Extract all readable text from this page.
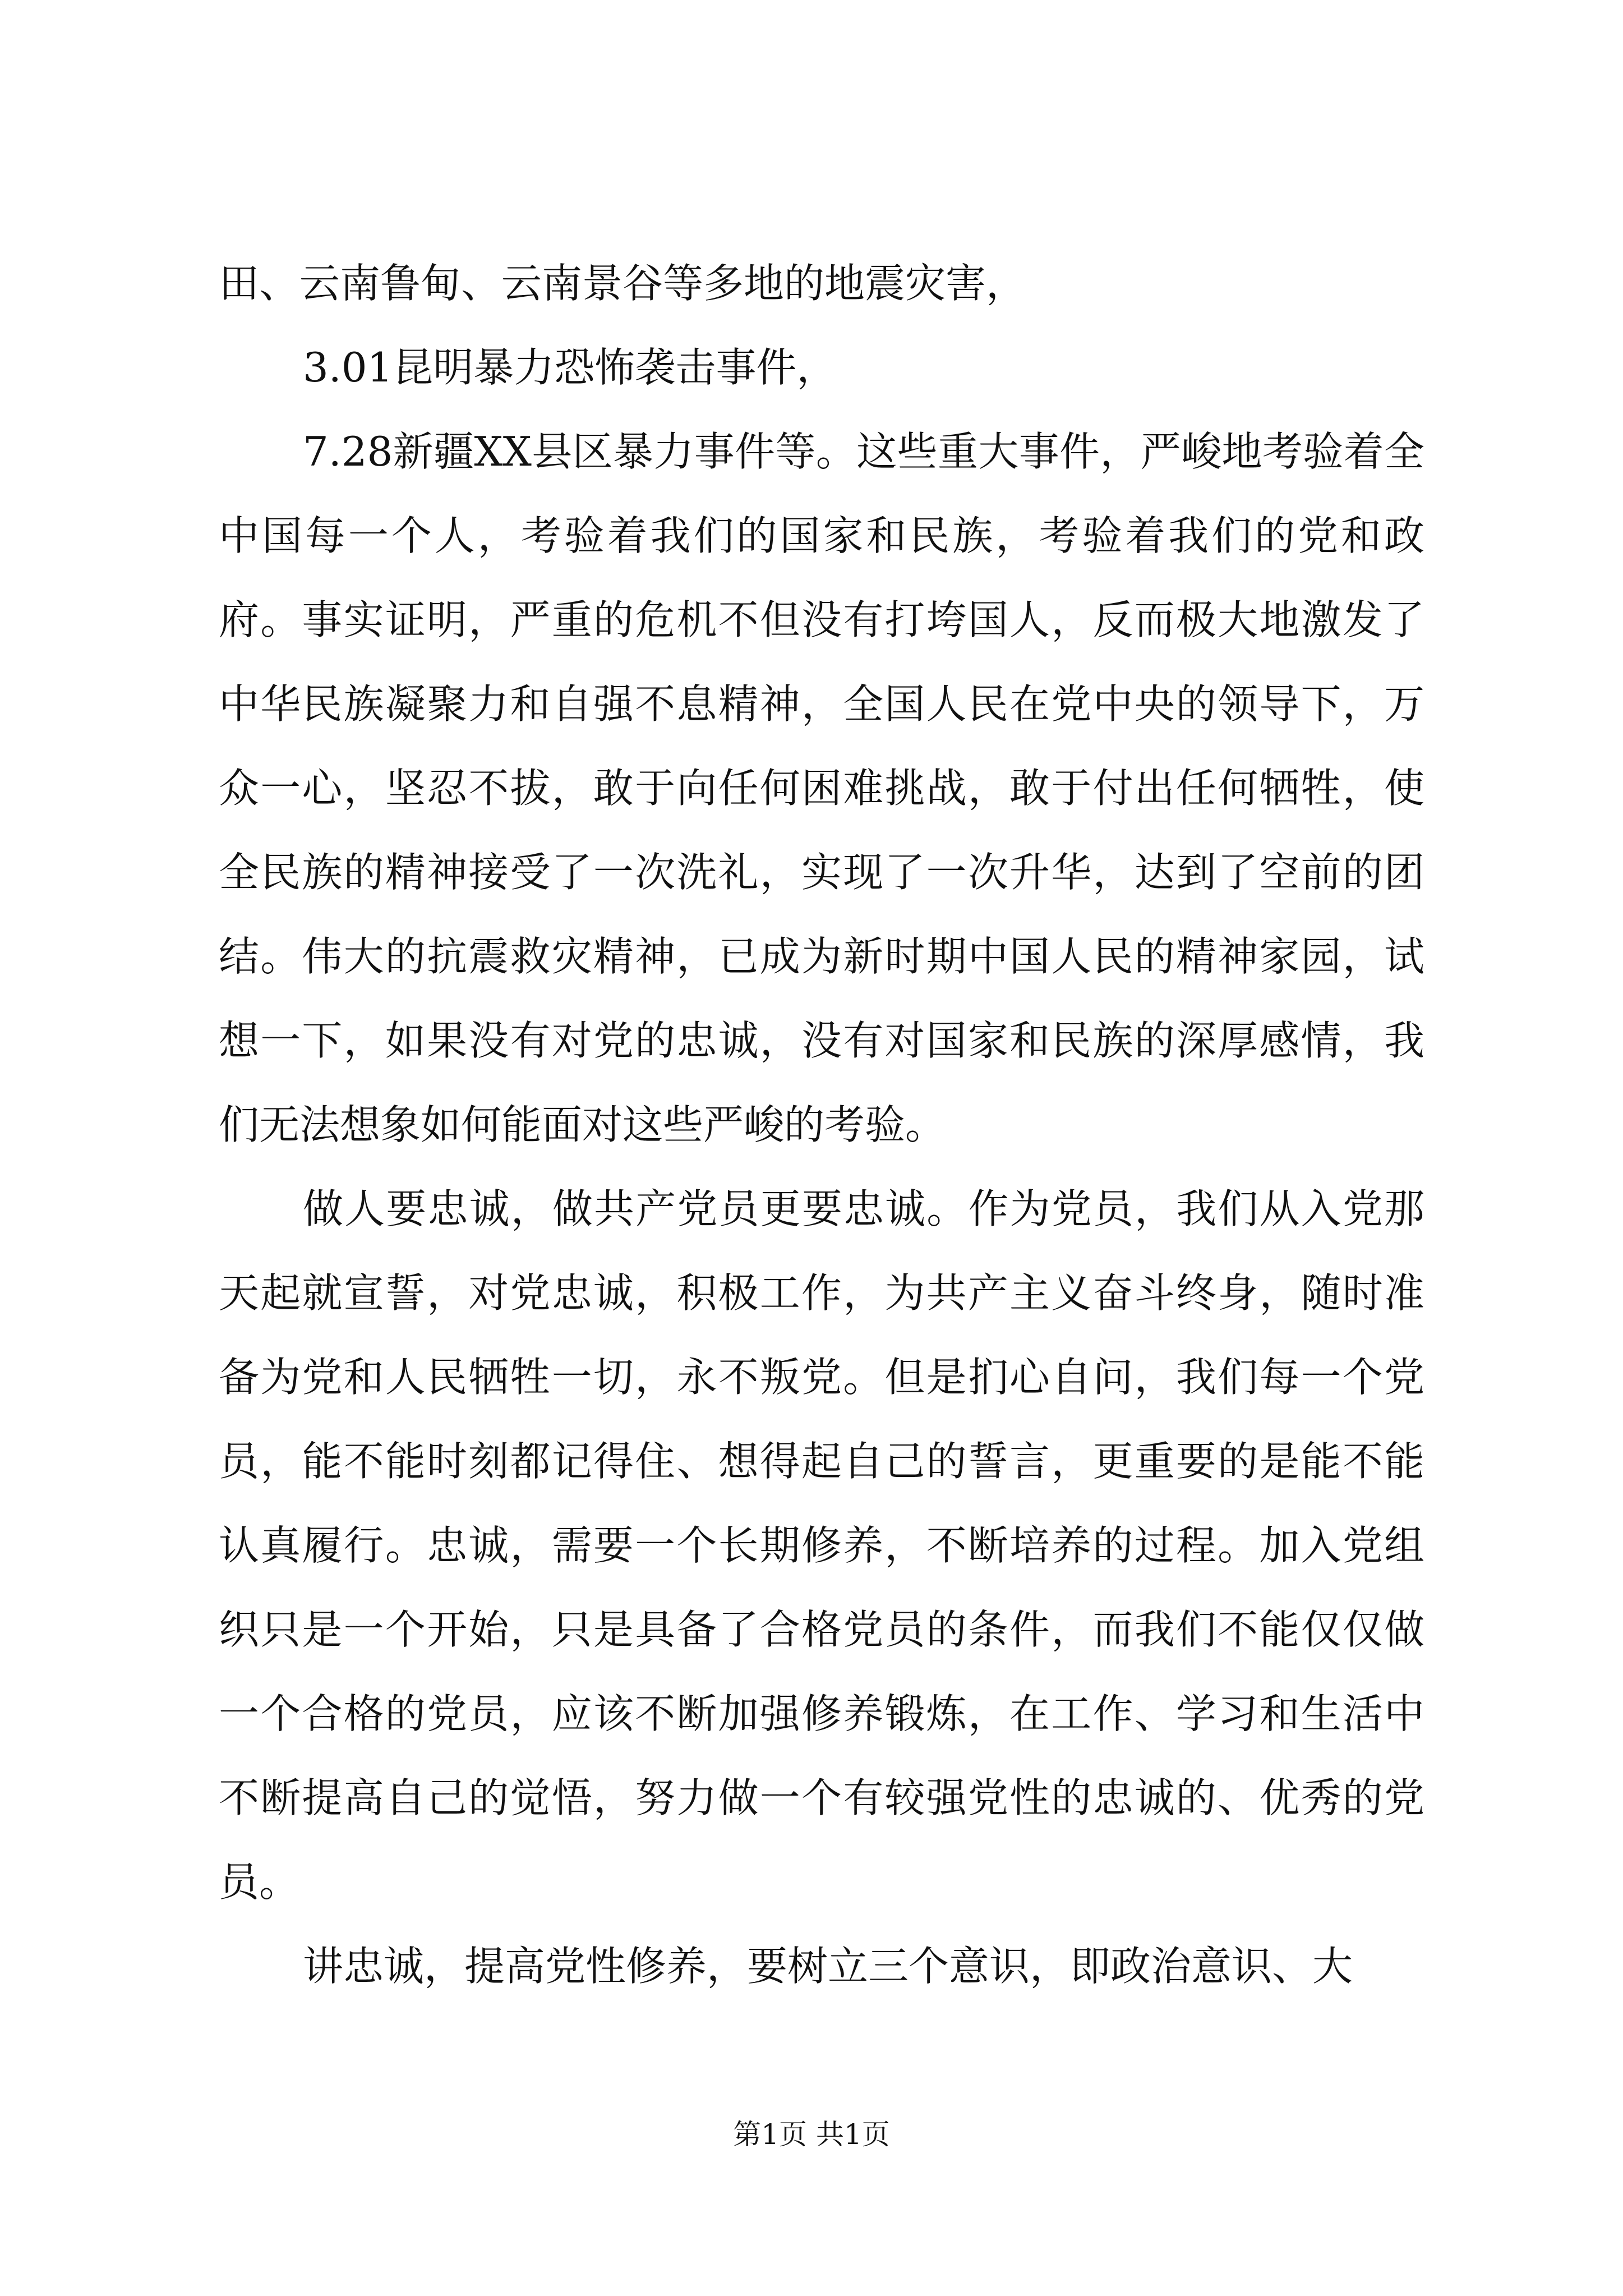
田、云南鲁甸、云南景谷等多地的地震灾害，

3.01昆明暴力恐怖袭击事件，

7.28新疆XX县区暴力事件等。这些重大事件，严峻地考验着全中国每一个人，考验着我们的国家和民族，考验着我们的党和政府。事实证明，严重的危机不但没有打垮国人，反而极大地激发了中华民族凝聚力和自强不息精神，全国人民在党中央的领导下，万众一心，坚忍不拔，敢于向任何困难挑战，敢于付出任何牺牲，使全民族的精神接受了一次洗礼，实现了一次升华，达到了空前的团结。伟大的抗震救灾精神，已成为新时期中国人民的精神家园，试想一下，如果没有对党的忠诚，没有对国家和民族的深厚感情，我们无法想象如何能面对这些严峻的考验。

做人要忠诚，做共产党员更要忠诚。作为党员，我们从入党那天起就宣誓，对党忠诚，积极工作，为共产主义奋斗终身，随时准备为党和人民牺牲一切，永不叛党。但是扪心自问，我们每一个党员，能不能时刻都记得住、想得起自己的誓言，更重要的是能不能认真履行。忠诚，需要一个长期修养，不断培养的过程。加入党组织只是一个开始，只是具备了合格党员的条件，而我们不能仅仅做一个合格的党员，应该不断加强修养锻炼，在工作、学习和生活中不断提高自己的觉悟，努力做一个有较强党性的忠诚的、优秀的党员。

讲忠诚，提高党性修养，要树立三个意识，即政治意识、大

第1页 共1页
